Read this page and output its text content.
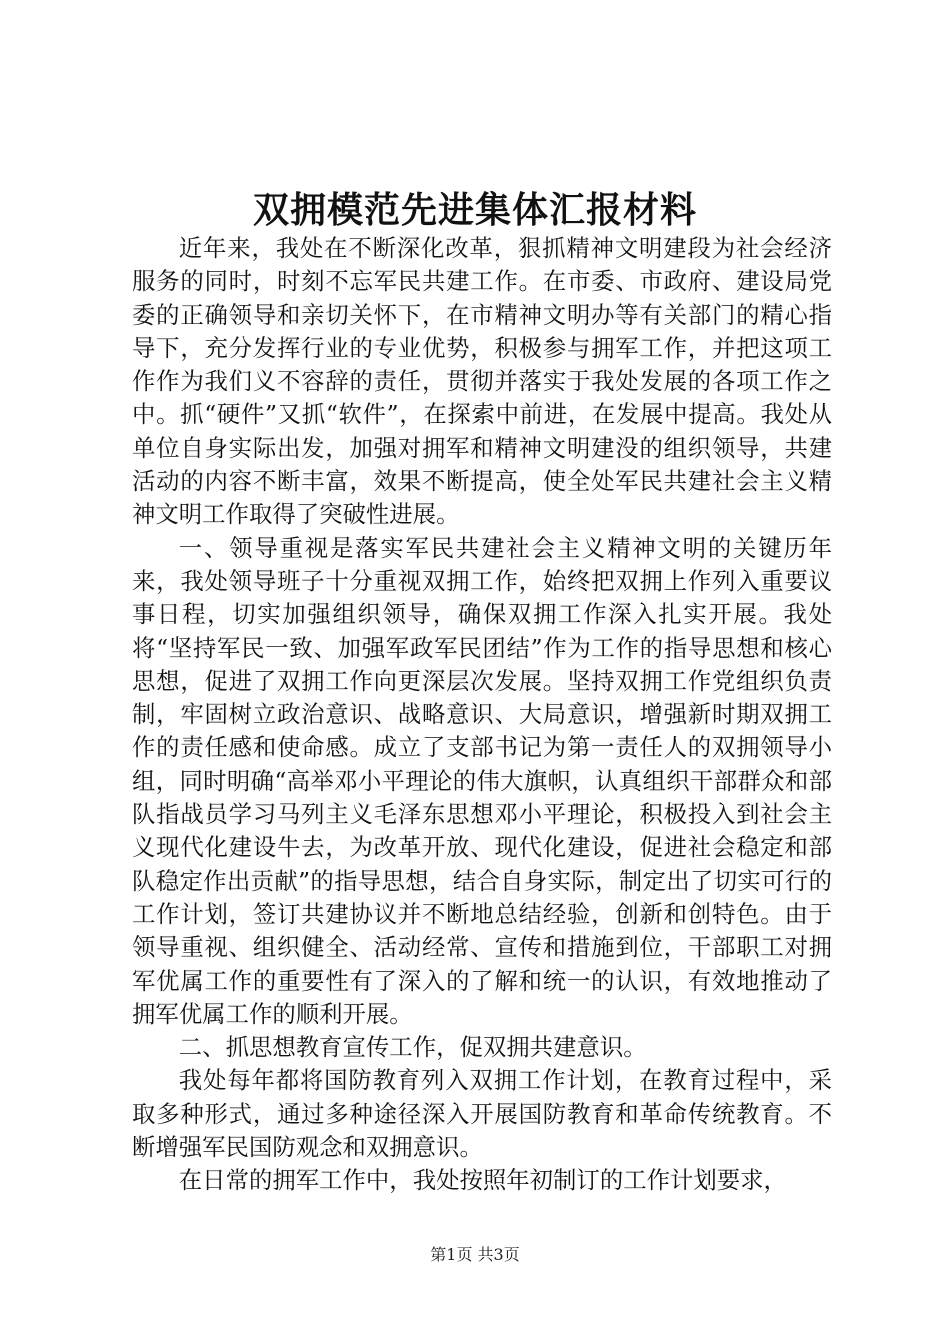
双拥模范先进集体汇报材料

近年来，我处在不断深化改革，狠抓精神文明建段为社会经济服务的同时，时刻不忘军民共建工作。在市委、市政府、建设局党委的正确领导和亲切关怀下，在市精神文明办等有关部门的精心指导下，充分发挥行业的专业优势，积极参与拥军工作，并把这项工作作为我们义不容辞的责任，贯彻并落实于我处发展的各项工作之中。抓“硬件”又抓“软件”，在探索中前进，在发展中提高。我处从单位自身实际出发，加强对拥军和精神文明建没的组织领导，共建活动的内容不断丰富，效果不断提高，使全处军民共建社会主义精神文明工作取得了突破性进展。

一、领导重视是落实军民共建社会主义精神文明的关键历年来，我处领导班子十分重视双拥工作，始终把双拥上作列入重要议事日程，切实加强组织领导，确保双拥工作深入扎实开展。我处将“坚持军民一致、加强军政军民团结”作为工作的指导思想和核心思想，促进了双拥工作向更深层次发展。坚持双拥工作党组织负责制，牢固树立政治意识、战略意识、大局意识，增强新时期双拥工作的责任感和使命感。成立了支部书记为第一责任人的双拥领导小组，同时明确“高举邓小平理论的伟大旗帜，认真组织干部群众和部队指战员学习马列主义毛泽东思想邓小平理论，积极投入到社会主义现代化建设牛去，为改革开放、现代化建设，促进社会稳定和部队稳定作出贡献”的指导思想，结合自身实际，制定出了切实可行的工作计划，签订共建协议并不断地总结经验，创新和创特色。由于领导重视、组织健全、活动经常、宣传和措施到位，干部职工对拥军优属工作的重要性有了深入的了解和统一的认识，有效地推动了拥军优属工作的顺利开展。

二、抓思想教育宣传工作，促双拥共建意识。

我处每年都将国防教育列入双拥工作计划，在教育过程中，采取多种形式，通过多种途径深入开展国防教育和革命传统教育。不断增强军民国防观念和双拥意识。

在日常的拥军工作中，我处按照年初制订的工作计划要求，

第1页 共3页
